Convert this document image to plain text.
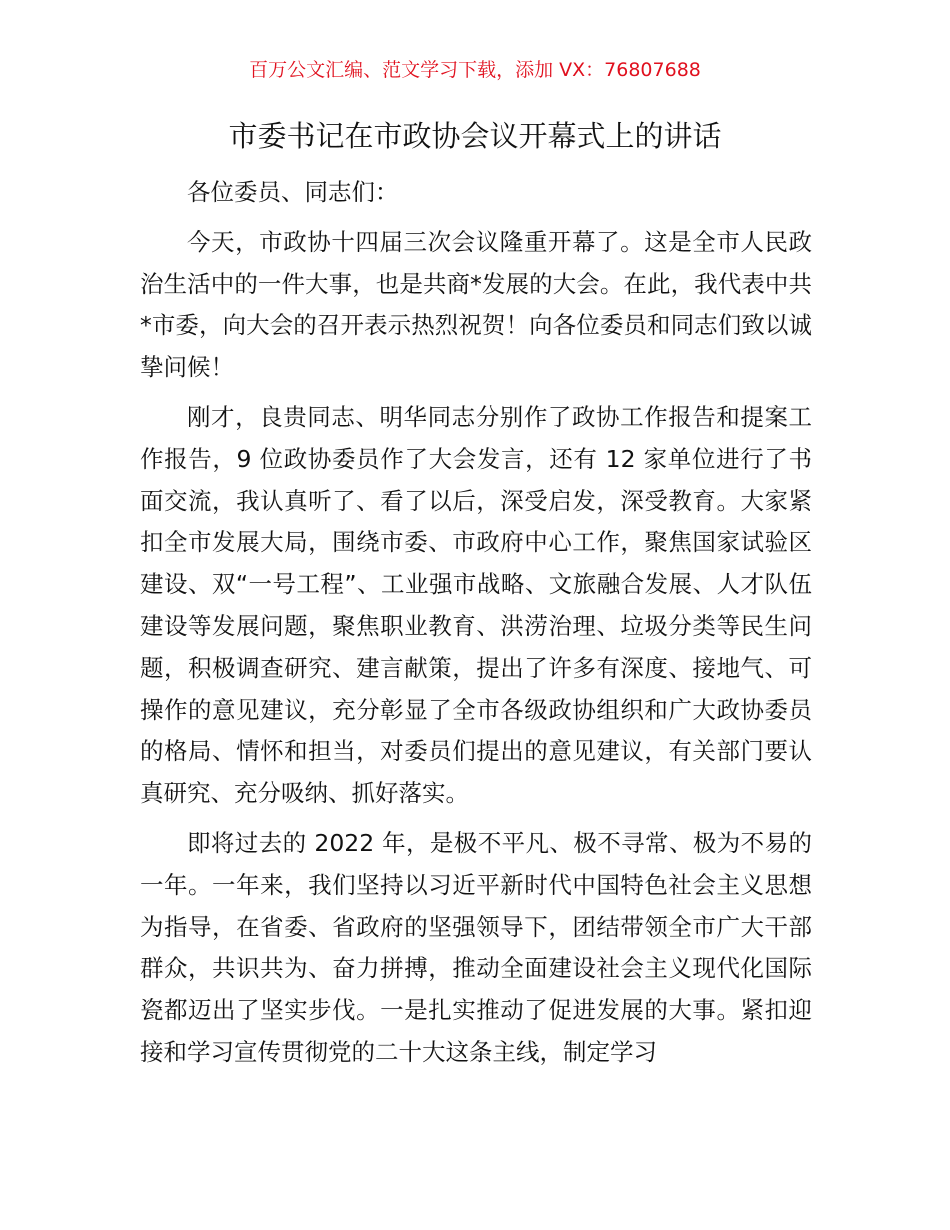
百万公文汇编、范文学习下载，添加 VX：76807688
市委书记在市政协会议开幕式上的讲话

各位委员、同志们：

今天，市政协十四届三次会议隆重开幕了。这是全市人民政治生活中的一件大事，也是共商*发展的大会。在此，我代表中共*市委，向大会的召开表示热烈祝贺！向各位委员和同志们致以诚挚问候！

刚才，良贵同志、明华同志分别作了政协工作报告和提案工作报告，9 位政协委员作了大会发言，还有 12 家单位进行了书面交流，我认真听了、看了以后，深受启发，深受教育。大家紧扣全市发展大局，围绕市委、市政府中心工作，聚焦国家试验区建设、双“一号工程”、工业强市战略、文旅融合发展、人才队伍建设等发展问题，聚焦职业教育、洪涝治理、垃圾分类等民生问题，积极调查研究、建言献策，提出了许多有深度、接地气、可操作的意见建议，充分彰显了全市各级政协组织和广大政协委员的格局、情怀和担当，对委员们提出的意见建议，有关部门要认真研究、充分吸纳、抓好落实。

即将过去的 2022 年，是极不平凡、极不寻常、极为不易的一年。一年来，我们坚持以习近平新时代中国特色社会主义思想为指导，在省委、省政府的坚强领导下，团结带领全市广大干部群众，共识共为、奋力拼搏，推动全面建设社会主义现代化国际瓷都迈出了坚实步伐。一是扎实推动了促进发展的大事。紧扣迎接和学习宣传贯彻党的二十大这条主线，制定学习
